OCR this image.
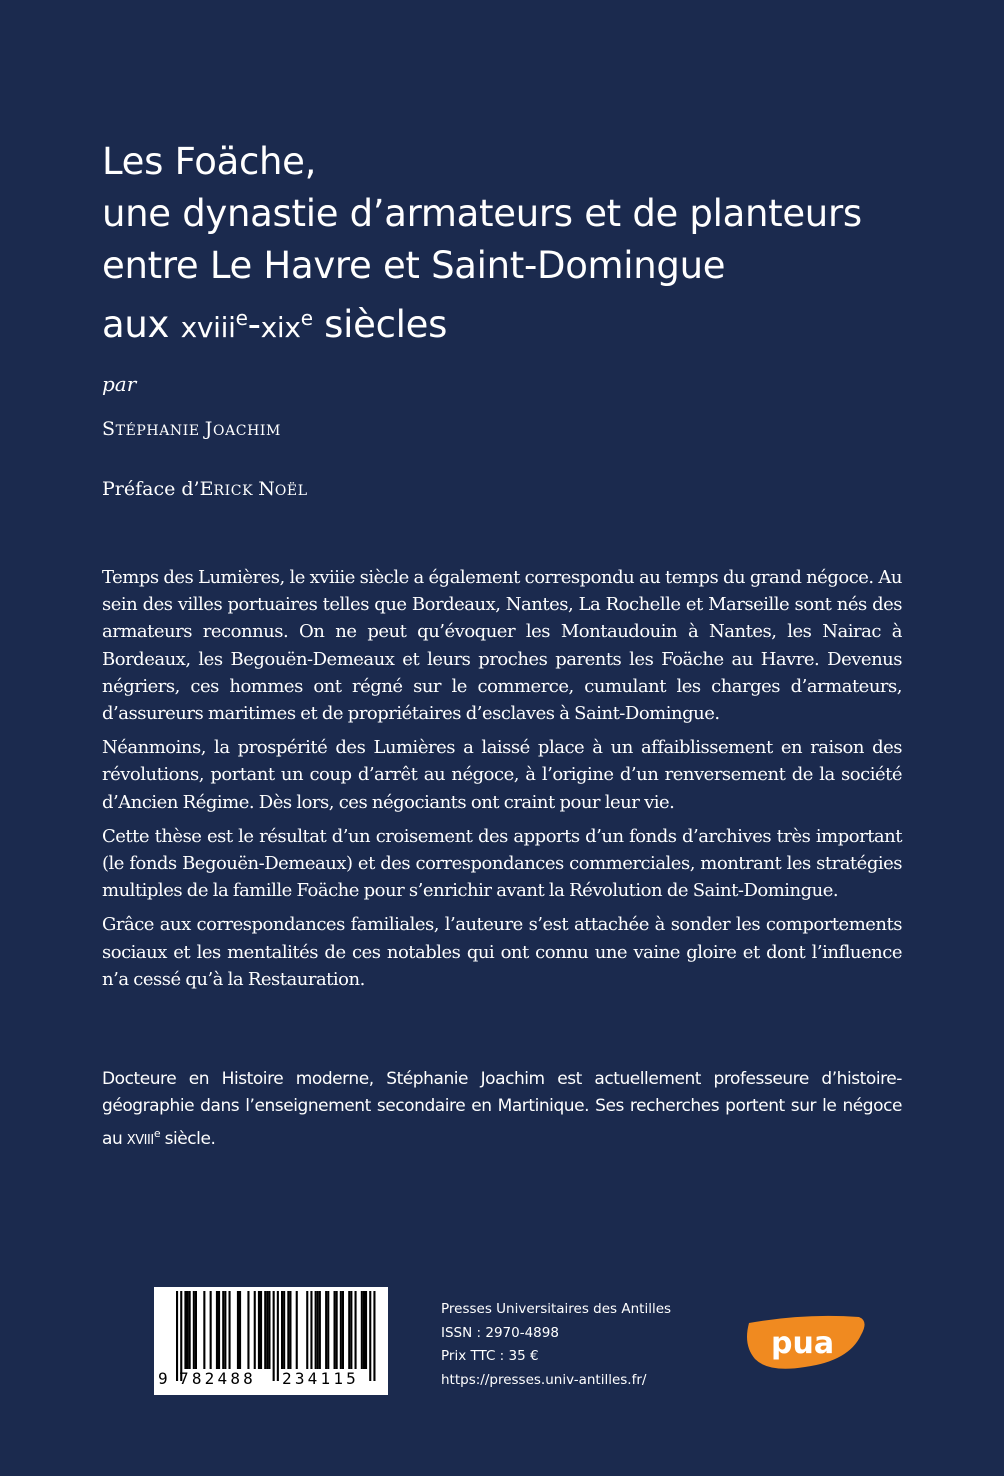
Les Foäche,
une dynastie d’armateurs et de planteurs
entre Le Havre et Saint-Domingue
aux xviii$^e$-xix$^e$ siècles
par
STÉPHANIE JOACHIM
Préface d’ERICK NOËL

Temps des Lumières, le xviiie siècle a également correspondu au temps du grand négoce. Au sein des villes portuaires telles que Bordeaux, Nantes, La Rochelle et Marseille sont nés des armateurs reconnus. On ne peut qu’évoquer les Montaudouin à Nantes, les Nairac à Bordeaux, les Begouën-Demeaux et leurs proches parents les Foäche au Havre. Devenus négriers, ces hommes ont régné sur le commerce, cumulant les charges d’armateurs, d’assureurs maritimes et de propriétaires d’esclaves à Saint-Domingue.

Néanmoins, la prospérité des Lumières a laissé place à un affaiblissement en raison des révolutions, portant un coup d’arrêt au négoce, à l’origine d’un renversement de la société d’Ancien Régime. Dès lors, ces négociants ont craint pour leur vie.

Cette thèse est le résultat d’un croisement des apports d’un fonds d’archives très important (le fonds Begouën-Demeaux) et des correspondances commerciales, montrant les stratégies multiples de la famille Foäche pour s’enrichir avant la Révolution de Saint-Domingue.

Grâce aux correspondances familiales, l’auteure s’est attachée à sonder les comportements sociaux et les mentalités de ces notables qui ont connu une vaine gloire et dont l’influence n’a cessé qu’à la Restauration.

Docteure en Histoire moderne, Stéphanie Joachim est actuellement professeure d’histoire-géographie dans l’enseignement secondaire en Martinique. Ses recherches portent sur le négoce au XVIIIe siècle.
9 782488 234115
Presses Universitaires des Antilles
ISSN : 2970-4898
Prix TTC : 35 €
https://presses.univ-antilles.fr/
pua
